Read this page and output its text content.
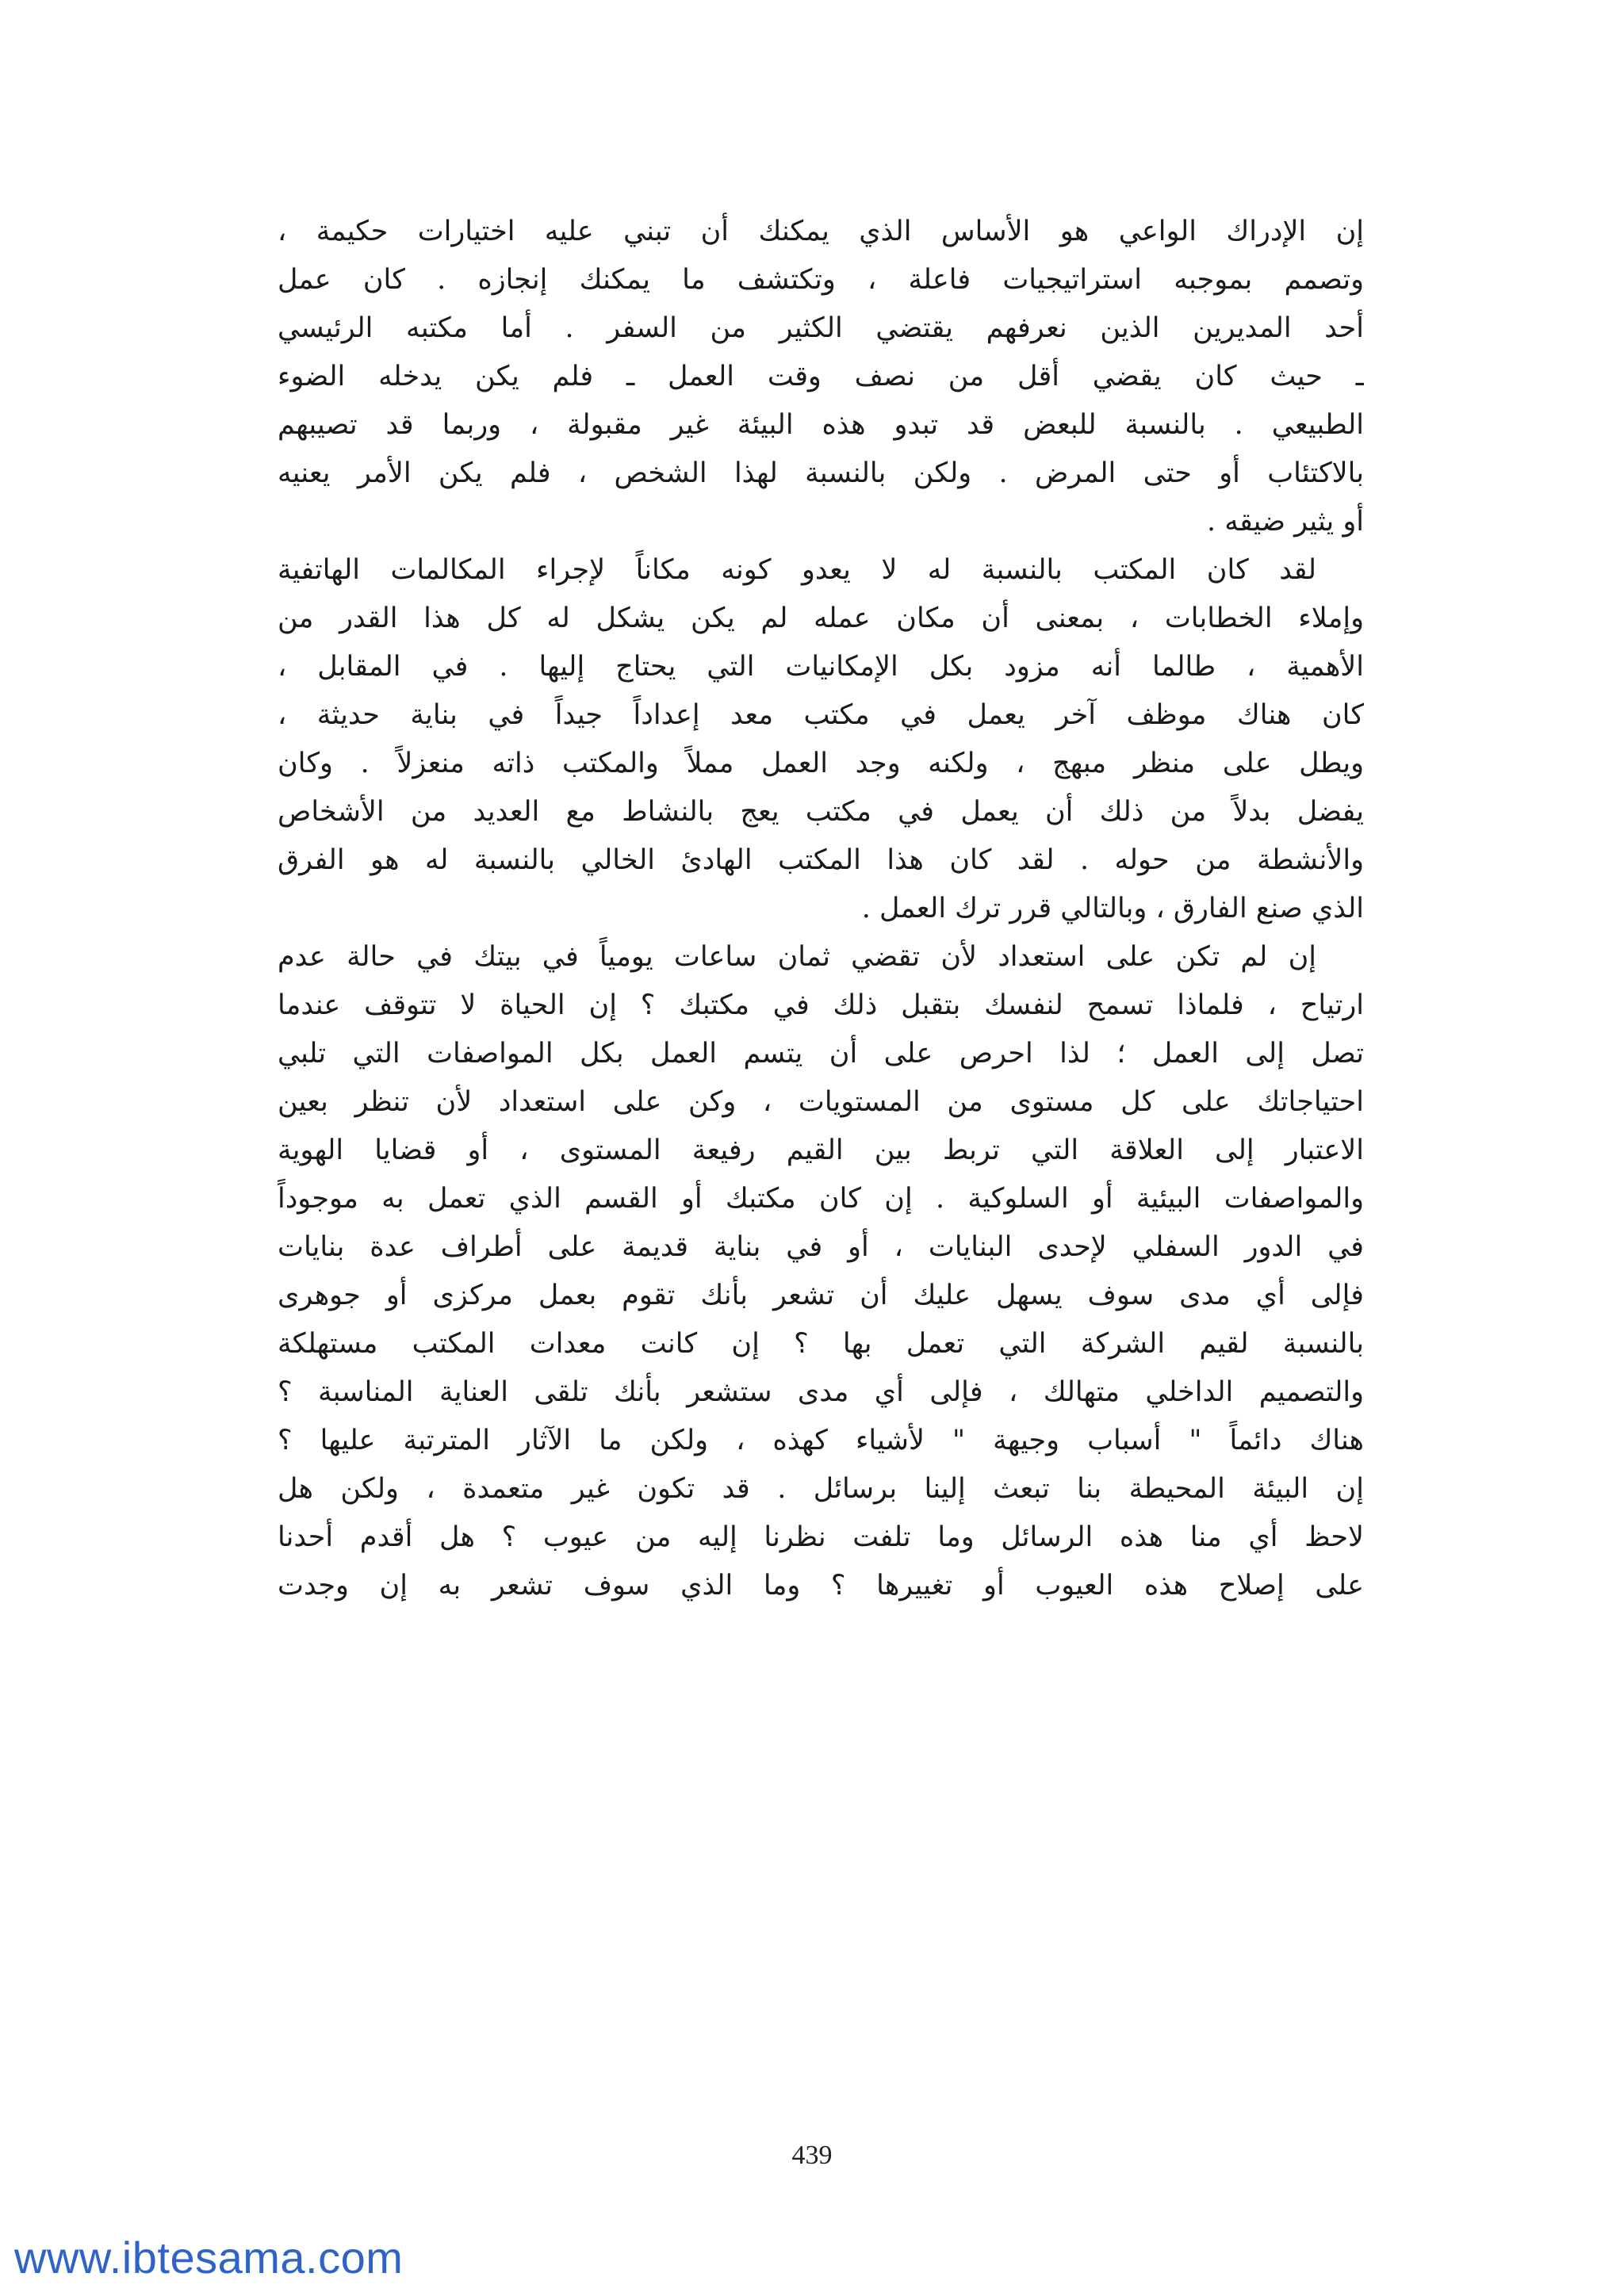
إن الإدراك الواعي هو الأساس الذي يمكنك أن تبني عليه اختيارات حكيمة ،
وتصمم بموجبه استراتيجيات فاعلة ، وتكتشف ما يمكنك إنجازه . كان عمل
أحد المديرين الذين نعرفهم يقتضي الكثير من السفر . أما مكتبه الرئيسي
ـ حيث كان يقضي أقل من نصف وقت العمل ـ فلم يكن يدخله الضوء
الطبيعي . بالنسبة للبعض قد تبدو هذه البيئة غير مقبولة ، وربما قد تصيبهم
بالاكتئاب أو حتى المرض . ولكن بالنسبة لهذا الشخص ، فلم يكن الأمر يعنيه
أو يثير ضيقه .
لقد كان المكتب بالنسبة له لا يعدو كونه مكاناً لإجراء المكالمات الهاتفية
وإملاء الخطابات ، بمعنى أن مكان عمله لم يكن يشكل له كل هذا القدر من
الأهمية ، طالما أنه مزود بكل الإمكانيات التي يحتاج إليها . في المقابل ،
كان هناك موظف آخر يعمل في مكتب معد إعداداً جيداً في بناية حديثة ،
ويطل على منظر مبهج ، ولكنه وجد العمل مملاً والمكتب ذاته منعزلاً . وكان
يفضل بدلاً من ذلك أن يعمل في مكتب يعج بالنشاط مع العديد من الأشخاص
والأنشطة من حوله . لقد كان هذا المكتب الهادئ الخالي بالنسبة له هو الفرق
الذي صنع الفارق ، وبالتالي قرر ترك العمل .
إن لم تكن على استعداد لأن تقضي ثمان ساعات يومياً في بيتك في حالة عدم
ارتياح ، فلماذا تسمح لنفسك بتقبل ذلك في مكتبك ؟ إن الحياة لا تتوقف عندما
تصل إلى العمل ؛ لذا احرص على أن يتسم العمل بكل المواصفات التي تلبي
احتياجاتك على كل مستوى من المستويات ، وكن على استعداد لأن تنظر بعين
الاعتبار إلى العلاقة التي تربط بين القيم رفيعة المستوى ، أو قضايا الهوية
والمواصفات البيئية أو السلوكية . إن كان مكتبك أو القسم الذي تعمل به موجوداً
في الدور السفلي لإحدى البنايات ، أو في بناية قديمة على أطراف عدة بنايات
فإلى أي مدى سوف يسهل عليك أن تشعر بأنك تقوم بعمل مركزى أو جوهرى
بالنسبة لقيم الشركة التي تعمل بها ؟ إن كانت معدات المكتب مستهلكة
والتصميم الداخلي متهالك ، فإلى أي مدى ستشعر بأنك تلقى العناية المناسبة ؟
هناك دائماً " أسباب وجيهة " لأشياء كهذه ، ولكن ما الآثار المترتبة عليها ؟
إن البيئة المحيطة بنا تبعث إلينا برسائل . قد تكون غير متعمدة ، ولكن هل
لاحظ أي منا هذه الرسائل وما تلفت نظرنا إليه من عيوب ؟ هل أقدم أحدنا
على إصلاح هذه العيوب أو تغييرها ؟ وما الذي سوف تشعر به إن وجدت
439
www.ibtesama.com
